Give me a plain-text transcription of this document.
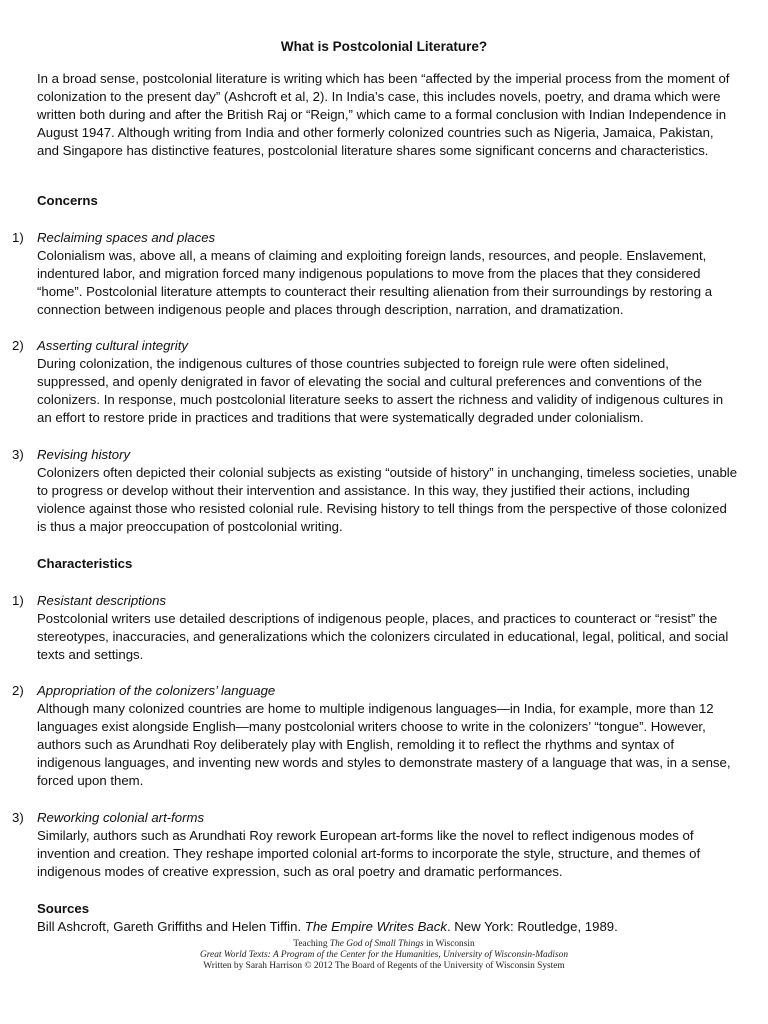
What is Postcolonial Literature?
In a broad sense, postcolonial literature is writing which has been “affected by the imperial process from the moment of colonization to the present day” (Ashcroft et al, 2). In India’s case, this includes novels, poetry, and drama which were written both during and after the British Raj or “Reign,” which came to a formal conclusion with Indian Independence in August 1947. Although writing from India and other formerly colonized countries such as Nigeria, Jamaica, Pakistan, and Singapore has distinctive features, postcolonial literature shares some significant concerns and characteristics.
Concerns
1) Reclaiming spaces and places
Colonialism was, above all, a means of claiming and exploiting foreign lands, resources, and people. Enslavement, indentured labor, and migration forced many indigenous populations to move from the places that they considered “home”. Postcolonial literature attempts to counteract their resulting alienation from their surroundings by restoring a connection between indigenous people and places through description, narration, and dramatization.
2) Asserting cultural integrity
During colonization, the indigenous cultures of those countries subjected to foreign rule were often sidelined, suppressed, and openly denigrated in favor of elevating the social and cultural preferences and conventions of the colonizers. In response, much postcolonial literature seeks to assert the richness and validity of indigenous cultures in an effort to restore pride in practices and traditions that were systematically degraded under colonialism.
3) Revising history
Colonizers often depicted their colonial subjects as existing “outside of history” in unchanging, timeless societies, unable to progress or develop without their intervention and assistance. In this way, they justified their actions, including violence against those who resisted colonial rule. Revising history to tell things from the perspective of those colonized is thus a major preoccupation of postcolonial writing.
Characteristics
1) Resistant descriptions
Postcolonial writers use detailed descriptions of indigenous people, places, and practices to counteract or “resist” the stereotypes, inaccuracies, and generalizations which the colonizers circulated in educational, legal, political, and social texts and settings.
2) Appropriation of the colonizers’ language
Although many colonized countries are home to multiple indigenous languages—in India, for example, more than 12 languages exist alongside English—many postcolonial writers choose to write in the colonizers’ “tongue”. However, authors such as Arundhati Roy deliberately play with English, remolding it to reflect the rhythms and syntax of indigenous languages, and inventing new words and styles to demonstrate mastery of a language that was, in a sense, forced upon them.
3) Reworking colonial art-forms
Similarly, authors such as Arundhati Roy rework European art-forms like the novel to reflect indigenous modes of invention and creation. They reshape imported colonial art-forms to incorporate the style, structure, and themes of indigenous modes of creative expression, such as oral poetry and dramatic performances.
Sources
Bill Ashcroft, Gareth Griffiths and Helen Tiffin. The Empire Writes Back. New York: Routledge, 1989.
Teaching The God of Small Things in Wisconsin
Great World Texts: A Program of the Center for the Humanities, University of Wisconsin-Madison
Written by Sarah Harrison © 2012 The Board of Regents of the University of Wisconsin System
